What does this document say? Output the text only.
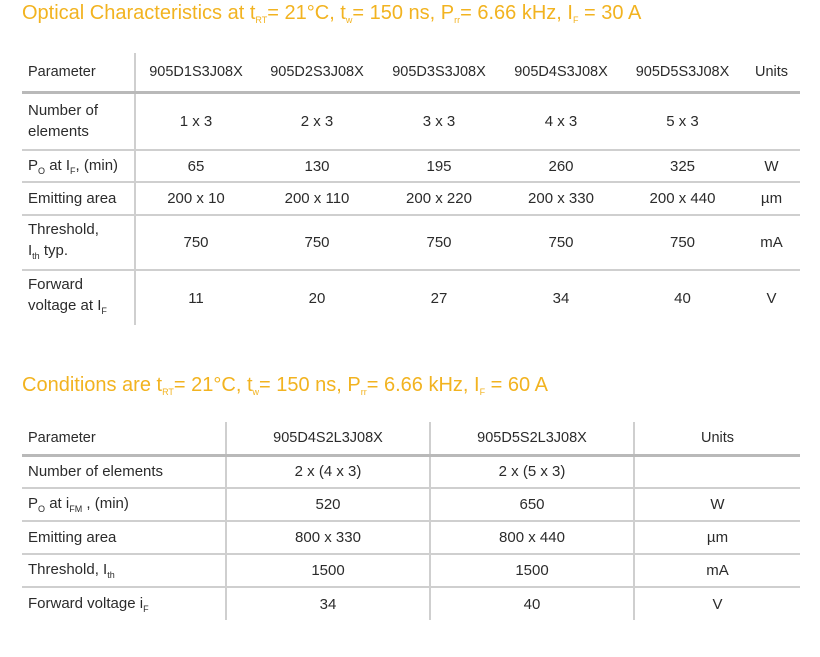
Optical Characteristics at $t_{RT}= 21^\circ C$, $t_w= 150$ ns, $P_{rr}= 6.66$ kHz, $I_F = 30$ A
Parameter	905D1S3J08X	905D2S3J08X	905D3S3J08X	905D4S3J08X	905D5S3J08X	Units

Number of elements	1 x 3	2 x 3	3 x 3	4 x 3	5 x 3	
$P_O$ at $I_F$, (min)	65	130	195	260	325	W
Emitting area	200 x 10	200 x 110	200 x 220	200 x 330	200 x 440	µm

Threshold,
$I_{th}$ typ.	750	750	750	750	750	mA

Forward
voltage at $I_F$	11	20	27	34	40	V
Conditions are $t_{RT}= 21^\circ C$, $t_w= 150$ ns, $P_{rr}= 6.66$ kHz, $I_F = 60$ A
Parameter	905D4S2L3J08X	905D5S2L3J08X	Units
Number of elements	2 x (4 x 3)	2 x (5 x 3)	
$P_O$ at $i_{FM}$ , (min)	520	650	W
Emitting area	800 x 330	800 x 440	µm
Threshold, $I_{th}$	1500	1500	mA
Forward voltage $i_F$	34	40	V
